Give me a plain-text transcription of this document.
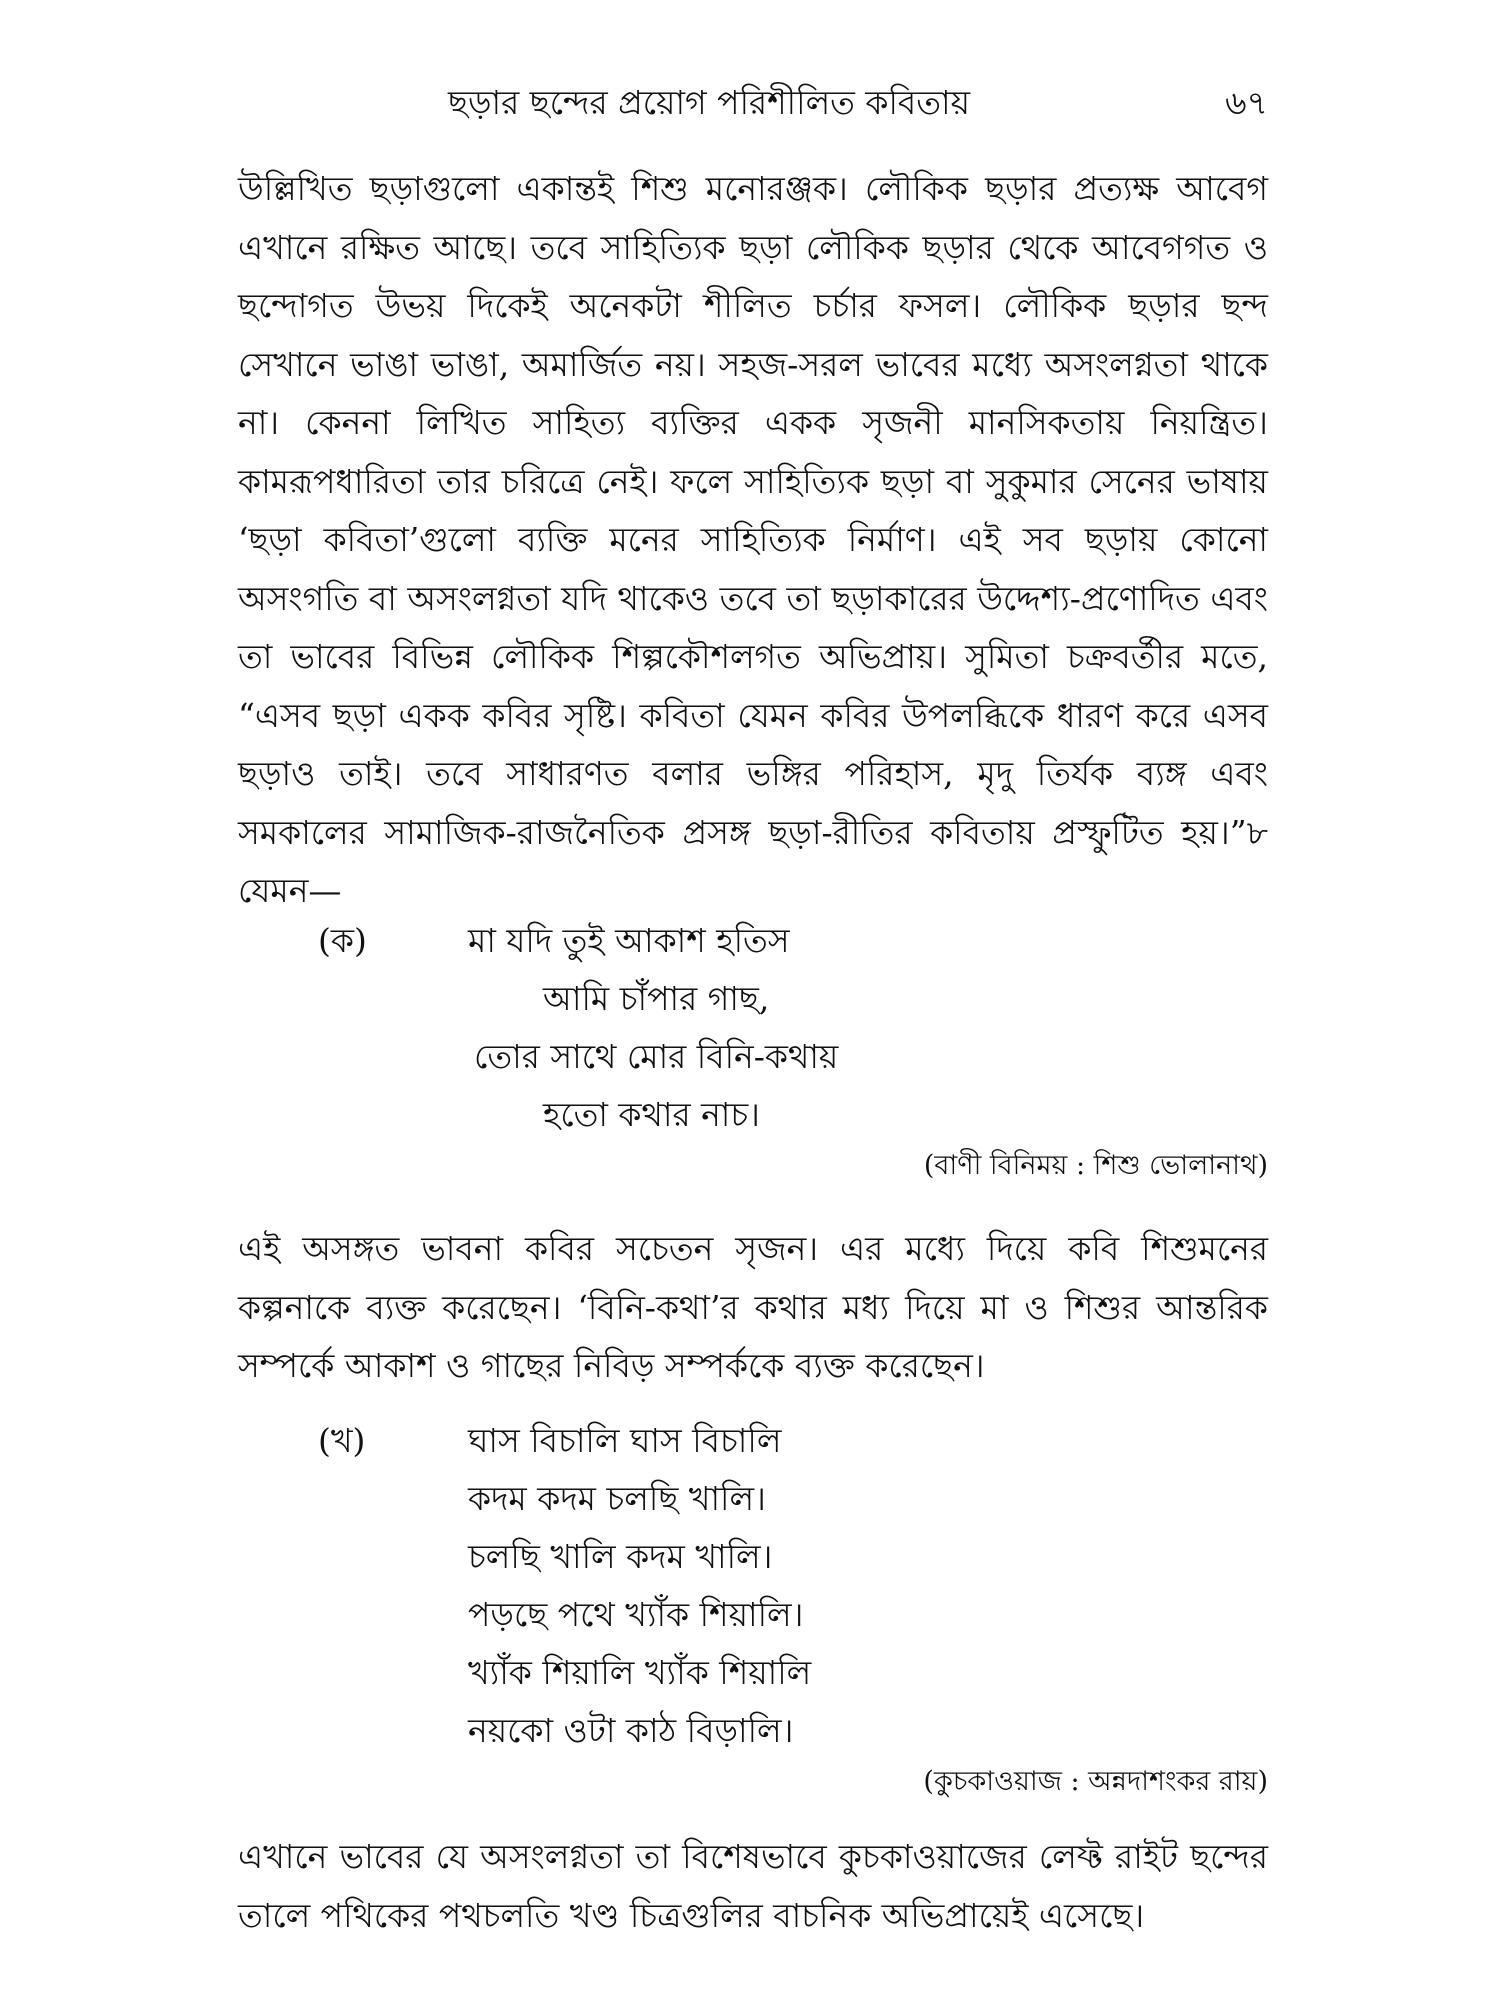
ছড়ার ছন্দের প্রয়োগ পরিশীলিত কবিতায়	৬৭

উল্লিখিত ছড়াগুলো একান্তই শিশু মনোরঞ্জক। লৌকিক ছড়ার প্রত্যক্ষ আবেগ এখানে রক্ষিত আছে। তবে সাহিত্যিক ছড়া লৌকিক ছড়ার থেকে আবেগগত ও ছন্দোগত উভয় দিকেই অনেকটা শীলিত চর্চার ফসল। লৌকিক ছড়ার ছন্দ সেখানে ভাঙা ভাঙা, অমার্জিত নয়। সহজ-সরল ভাবের মধ্যে অসংলগ্নতা থাকে না। কেননা লিখিত সাহিত্য ব্যক্তির একক সৃজনী মানসিকতায় নিয়ন্ত্রিত। কামরূপধারিতা তার চরিত্রে নেই। ফলে সাহিত্যিক ছড়া বা সুকুমার সেনের ভাষায় ‘ছড়া কবিতা’গুলো ব্যক্তি মনের সাহিত্যিক নির্মাণ। এই সব ছড়ায় কোনো অসংগতি বা অসংলগ্নতা যদি থাকেও তবে তা ছড়াকারের উদ্দেশ্য-প্রণোদিত এবং তা ভাবের বিভিন্ন লৌকিক শিল্পকৌশলগত অভিপ্রায়। সুমিতা চক্রবর্তীর মতে, “এসব ছড়া একক কবির সৃষ্টি। কবিতা যেমন কবির উপলব্ধিকে ধারণ করে এসব ছড়াও তাই। তবে সাধারণত বলার ভঙ্গির পরিহাস, মৃদু তির্যক ব্যঙ্গ এবং সমকালের সামাজিক-রাজনৈতিক প্রসঙ্গ ছড়া-রীতির কবিতায় প্রস্ফুটিত হয়।”৮ যেমন—

(ক)	মা যদি তুই আকাশ হতিস
আমি চাঁপার গাছ,
তোর সাথে মোর বিনি-কথায়
হতো কথার নাচ।
(বাণী বিনিময় : শিশু ভোলানাথ)

এই অসঙ্গত ভাবনা কবির সচেতন সৃজন। এর মধ্যে দিয়ে কবি শিশুমনের কল্পনাকে ব্যক্ত করেছেন। ‘বিনি-কথা’র কথার মধ্য দিয়ে মা ও শিশুর আন্তরিক সম্পর্কে আকাশ ও গাছের নিবিড় সম্পর্ককে ব্যক্ত করেছেন।

(খ)	ঘাস বিচালি ঘাস বিচালি
কদম কদম চলছি খালি।
চলছি খালি কদম খালি।
পড়ছে পথে খ্যাঁক শিয়ালি।
খ্যাঁক শিয়ালি খ্যাঁক শিয়ালি
নয়কো ওটা কাঠ বিড়ালি।
(কুচকাওয়াজ : অন্নদাশংকর রায়)

এখানে ভাবের যে অসংলগ্নতা তা বিশেষভাবে কুচকাওয়াজের লেফ্ট রাইট ছন্দের তালে পথিকের পথচলতি খণ্ড চিত্রগুলির বাচনিক অভিপ্রায়েই এসেছে।
